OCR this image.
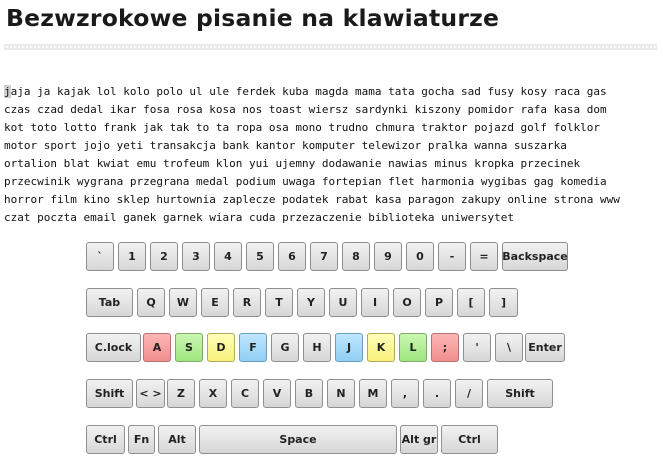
Bezwzrokowe pisanie na klawiaturze
jaja ja kajak lol kolo polo ul ule ferdek kuba magda mama tata gocha sad fusy kosy raca gas
czas czad dedal ikar fosa rosa kosa nos toast wiersz sardynki kiszony pomidor rafa kasa dom
kot toto lotto frank jak tak to ta ropa osa mono trudno chmura traktor pojazd golf folklor
motor sport jojo yeti transakcja bank kantor komputer telewizor pralka wanna suszarka
ortalion blat kwiat emu trofeum klon yui ujemny dodawanie nawias minus kropka przecinek
przecwinik wygrana przegrana medal podium uwaga fortepian flet harmonia wygibas gag komedia
horror film kino sklep hurtownia zaplecze podatek rabat kasa paragon zakupy online strona www
czat poczta email ganek garnek wiara cuda przezaczenie biblioteka uniwersytet
`	1	2	3	4	5	6	7	8	9	0	-	=	Backspace
Tab	Q	W	E	R	T	Y	U	I	O	P	[	]
C.lock	A	S	D	F	G	H	J	K	L	;	'	\	Enter
Shift	< >	Z	X	C	V	B	N	M	,	.	/	Shift
Ctrl	Fn	Alt	Space	Alt gr	Ctrl
